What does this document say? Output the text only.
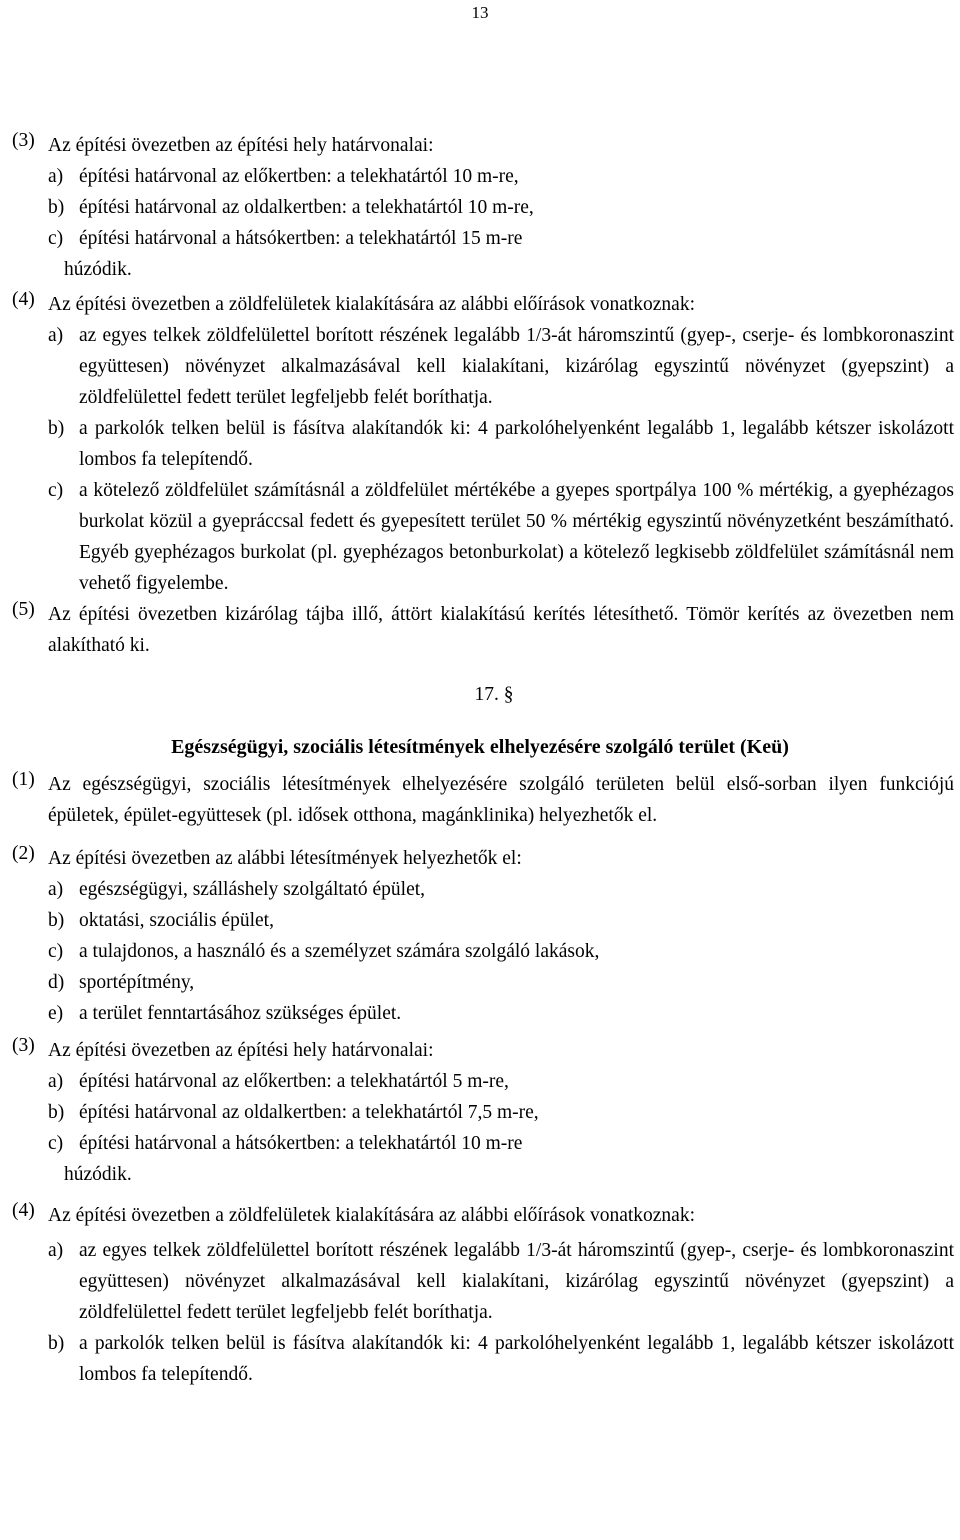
13
(3) Az építési övezetben az építési hely határvonalai:
a) építési határvonal az előkertben: a telekhatártól 10 m-re,
b) építési határvonal az oldalkertben: a telekhatártól 10 m-re,
c) építési határvonal a hátsókertben: a telekhatártól 15 m-re
húzódik.
(4) Az építési övezetben a zöldfelületek kialakítására az alábbi előírások vonatkoznak:
a) az egyes telkek zöldfelülettel borított részének legalább 1/3-át háromszintű (gyep-, cserje- és lombkoronaszint együttesen) növényzet alkalmazásával kell kialakítani, kizárólag egyszintű növényzet (gyepszint) a zöldfelülettel fedett terület legfeljebb felét boríthatja.
b) a parkolók telken belül is fásítva alakítandók ki: 4 parkolóhelyenként legalább 1, legalább kétszer iskolázott lombos fa telepítendő.
c) a kötelező zöldfelület számításnál a zöldfelület mértékébe a gyepes sportpálya 100 % mértékig, a gyephézagos burkolat közül a gyepráccsal fedett és gyepesített terület 50 % mértékig egyszintű növényzetként beszámítható. Egyéb gyephézagos burkolat (pl. gyephézagos betonburkolat) a kötelező legkisebb zöldfelület számításnál nem vehető figyelembe.
(5) Az építési övezetben kizárólag tájba illő, áttört kialakítású kerítés létesíthető. Tömör kerítés az övezetben nem alakítható ki.
17. §
Egészségügyi, szociális létesítmények elhelyezésére szolgáló terület (Keü)
(1) Az egészségügyi, szociális létesítmények elhelyezésére szolgáló területen belül első-sorban ilyen funkciójú épületek, épület-együttesek (pl. idősek otthona, magánklinika) helyezhetők el.
(2) Az építési övezetben az alábbi létesítmények helyezhetők el:
a) egészségügyi, szálláshely szolgáltató épület,
b) oktatási, szociális épület,
c) a tulajdonos, a használó és a személyzet számára szolgáló lakások,
d) sportépítmény,
e) a terület fenntartásához szükséges épület.
(3) Az építési övezetben az építési hely határvonalai:
a) építési határvonal az előkertben: a telekhatártól 5 m-re,
b) építési határvonal az oldalkertben: a telekhatártól 7,5 m-re,
c) építési határvonal a hátsókertben: a telekhatártól 10 m-re
húzódik.
(4) Az építési övezetben a zöldfelületek kialakítására az alábbi előírások vonatkoznak:
a) az egyes telkek zöldfelülettel borított részének legalább 1/3-át háromszintű (gyep-, cserje- és lombkoronaszint együttesen) növényzet alkalmazásával kell kialakítani, kizárólag egyszintű növényzet (gyepszint) a zöldfelülettel fedett terület legfeljebb felét boríthatja.
b) a parkolók telken belül is fásítva alakítandók ki: 4 parkolóhelyenként legalább 1, legalább kétszer iskolázott lombos fa telepítendő.
